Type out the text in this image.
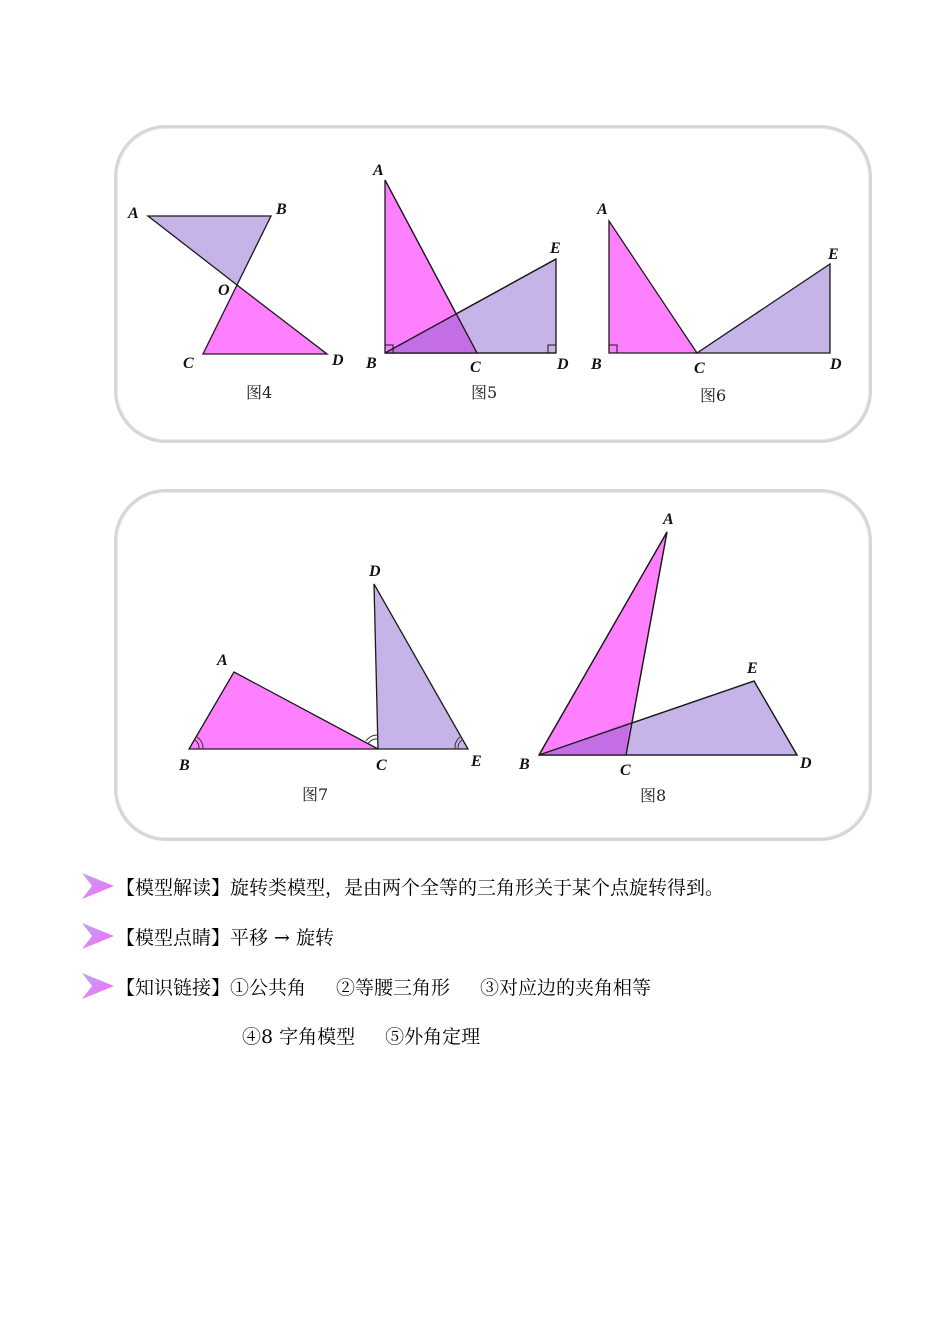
A	B
O
C	D
图4
A
E
B	C	D
图5
A
E
B	C	D
图6
D
A
B	C	E
图7
A
E
B	C	D
图8
【模型解读】 旋转类模型，是由两个全等的三角形关于某个点旋转得到。
【模型点睛】 平移 → 旋转
【知识链接】 ①公共角 ②等腰三角形 ③对应边的夹角相等
④8 字角模型 ⑤外角定理
